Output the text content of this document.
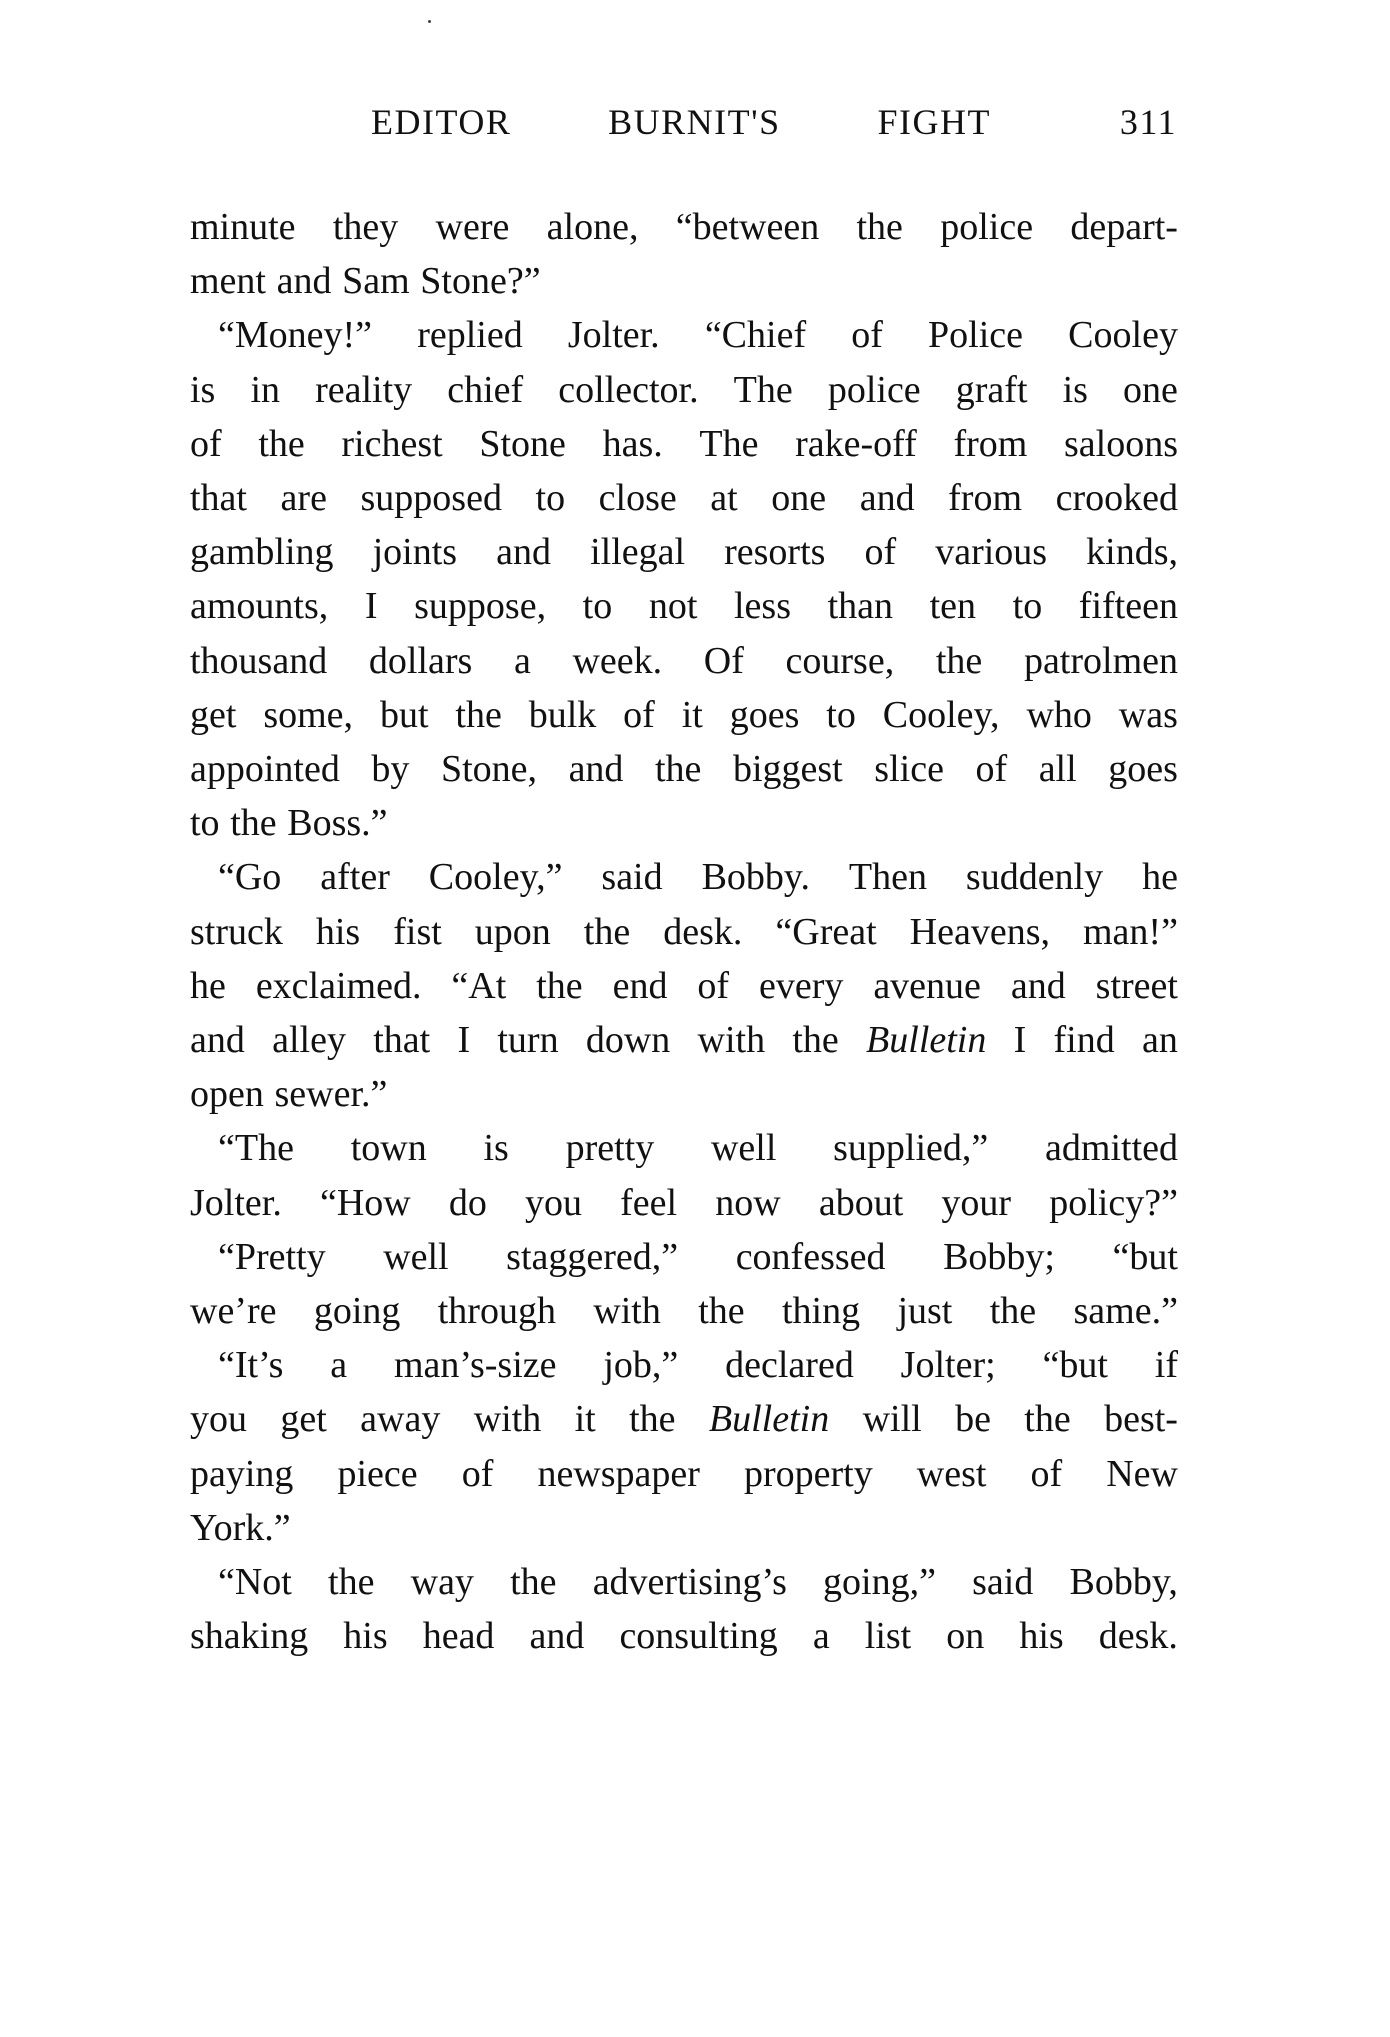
EDITOR BURNIT'S FIGHT	311
minute they were alone, “between the police depart-
ment and Sam Stone?”
“Money!” replied Jolter. “Chief of Police Cooley
is in reality chief collector. The police graft is one
of the richest Stone has. The rake-off from saloons
that are supposed to close at one and from crooked
gambling joints and illegal resorts of various kinds,
amounts, I suppose, to not less than ten to fifteen
thousand dollars a week. Of course, the patrolmen
get some, but the bulk of it goes to Cooley, who was
appointed by Stone, and the biggest slice of all goes
to the Boss.”
“Go after Cooley,” said Bobby. Then suddenly he
struck his fist upon the desk. “Great Heavens, man!”
he exclaimed. “At the end of every avenue and street
and alley that I turn down with the Bulletin I find an
open sewer.”
“The town is pretty well supplied,” admitted
Jolter. “How do you feel now about your policy?”
“Pretty well staggered,” confessed Bobby; “but
we’re going through with the thing just the same.”
“It’s a man’s-size job,” declared Jolter; “but if
you get away with it the Bulletin will be the best-
paying piece of newspaper property west of New
York.”
“Not the way the advertising’s going,” said Bobby,
shaking his head and consulting a list on his desk.
